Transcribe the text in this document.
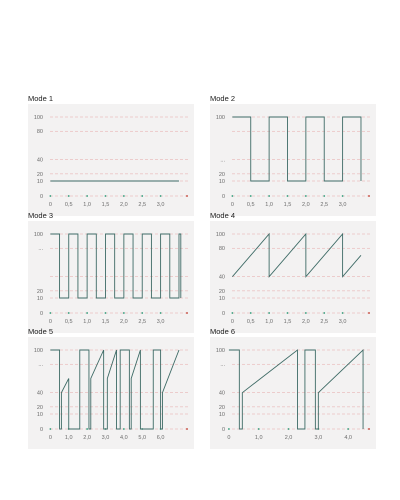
Mode 1
0
10
20
40
80
100
0 0,5 1,0 1,5 2,0 2,5 3,0
Mode 2
0
10
20
...
100
0 0,5 1,0 1,5 2,0 2,5 3,0
Mode 3
0
10
20
...
100
0 0,5 1,0 1,5 2,0 2,5 3,0
Mode 4
0
10
20
40
80
100
0 0,5 1,0 1,5 2,0 2,5 3,0
Mode 5
0
10
20
40
...
100
0 1,0 2,0 3,0 4,0 5,0 6,0
Mode 6
0
10
20
40
...
100
0	1,0	2,0	3,0	4,0
